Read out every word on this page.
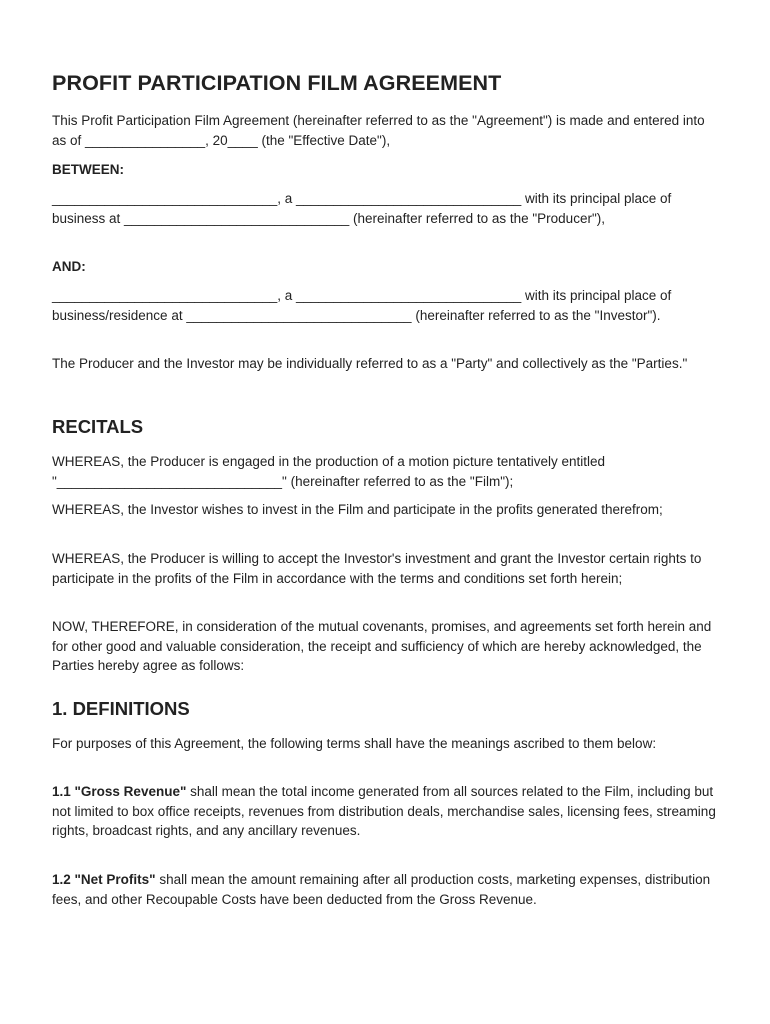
PROFIT PARTICIPATION FILM AGREEMENT

This Profit Participation Film Agreement (hereinafter referred to as the "Agreement") is made and entered into as of ________________, 20____ (the "Effective Date"),

BETWEEN:

______________________________, a ______________________________ with its principal place of business at ______________________________ (hereinafter referred to as the "Producer"),

AND:

______________________________, a ______________________________ with its principal place of business/residence at ______________________________ (hereinafter referred to as the "Investor").

The Producer and the Investor may be individually referred to as a "Party" and collectively as the "Parties."

RECITALS

WHEREAS, the Producer is engaged in the production of a motion picture tentatively entitled "______________________________" (hereinafter referred to as the "Film");

WHEREAS, the Investor wishes to invest in the Film and participate in the profits generated therefrom;

WHEREAS, the Producer is willing to accept the Investor's investment and grant the Investor certain rights to participate in the profits of the Film in accordance with the terms and conditions set forth herein;

NOW, THEREFORE, in consideration of the mutual covenants, promises, and agreements set forth herein and for other good and valuable consideration, the receipt and sufficiency of which are hereby acknowledged, the Parties hereby agree as follows:

1. DEFINITIONS

For purposes of this Agreement, the following terms shall have the meanings ascribed to them below:

1.1 "Gross Revenue" shall mean the total income generated from all sources related to the Film, including but not limited to box office receipts, revenues from distribution deals, merchandise sales, licensing fees, streaming rights, broadcast rights, and any ancillary revenues.

1.2 "Net Profits" shall mean the amount remaining after all production costs, marketing expenses, distribution fees, and other Recoupable Costs have been deducted from the Gross Revenue.
